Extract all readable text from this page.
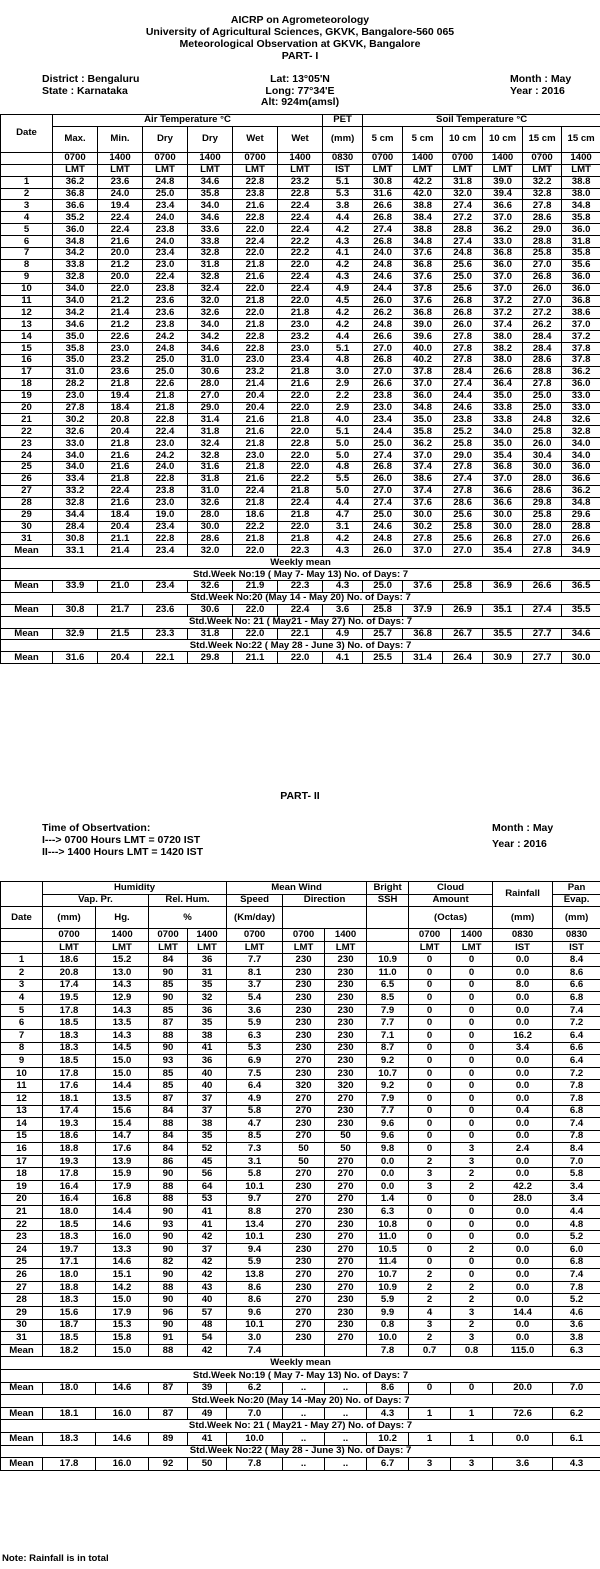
AICRP on Agrometeorology
University of Agricultural Sciences, GKVK, Bangalore-560 065
Meteorological Observation at GKVK, Bangalore
PART- I
District : Bengaluru
State : Karnataka
Lat: 13°05'N
Long: 77°34'E
Alt: 924m(amsl)
Month : May
Year : 2016
Date	Air Temperature °C						PET	Soil Temperature °C					
	Max.	Min.	Dry	Dry	Wet	Wet	(mm)	5 cm	5 cm	10 cm	10 cm	15 cm	15 cm
	0700	1400	0700	1400	0700	1400	0830	0700	1400	0700	1400	0700	1400
	LMT	LMT	LMT	LMT	LMT	LMT	IST	LMT	LMT	LMT	LMT	LMT	LMT
1	36.2	23.6	24.8	34.6	22.8	23.2	5.1	30.8	42.2	31.8	39.0	32.2	38.8
2	36.8	24.0	25.0	35.8	23.8	22.8	5.3	31.6	42.0	32.0	39.4	32.8	38.0
3	36.6	19.4	23.4	34.0	21.6	22.4	3.8	26.6	38.8	27.4	36.6	27.8	34.8
4	35.2	22.4	24.0	34.6	22.8	22.4	4.4	26.8	38.4	27.2	37.0	28.6	35.8
5	36.0	22.4	23.8	33.6	22.0	22.4	4.2	27.4	38.8	28.8	36.2	29.0	36.0
6	34.8	21.6	24.0	33.8	22.4	22.2	4.3	26.8	34.8	27.4	33.0	28.8	31.8
7	34.2	20.0	23.4	32.8	22.0	22.2	4.1	24.0	37.6	24.8	36.8	25.8	35.8
8	33.8	21.2	23.0	31.8	21.8	22.0	4.2	24.8	36.8	25.6	36.0	27.0	35.6
9	32.8	20.0	22.4	32.8	21.6	22.4	4.3	24.6	37.6	25.0	37.0	26.8	36.0
10	34.0	22.0	23.8	32.4	22.0	22.4	4.9	24.4	37.8	25.6	37.0	26.0	36.0
11	34.0	21.2	23.6	32.0	21.8	22.0	4.5	26.0	37.6	26.8	37.2	27.0	36.8
12	34.2	21.4	23.6	32.6	22.0	21.8	4.2	26.2	36.8	26.8	37.2	27.2	38.6
13	34.6	21.2	23.8	34.0	21.8	23.0	4.2	24.8	39.0	26.0	37.4	26.2	37.0
14	35.0	22.6	24.2	34.2	22.8	23.2	4.4	26.6	39.6	27.8	38.0	28.4	37.2
15	35.8	23.0	24.8	34.6	22.8	23.0	5.1	27.0	40.0	27.8	38.2	28.4	37.8
16	35.0	23.2	25.0	31.0	23.0	23.4	4.8	26.8	40.2	27.8	38.0	28.6	37.8
17	31.0	23.6	25.0	30.6	23.2	21.8	3.0	27.0	37.8	28.4	26.6	28.8	36.2
18	28.2	21.8	22.6	28.0	21.4	21.6	2.9	26.6	37.0	27.4	36.4	27.8	36.0
19	23.0	19.4	21.8	27.0	20.4	22.0	2.2	23.8	36.0	24.4	35.0	25.0	33.0
20	27.8	18.4	21.8	29.0	20.4	22.0	2.9	23.0	34.8	24.6	33.8	25.0	33.0
21	30.2	20.8	22.8	31.4	21.6	21.8	4.0	23.4	35.0	23.8	33.8	24.8	32.6
22	32.6	20.4	22.4	31.8	21.6	22.0	5.1	24.4	35.8	25.2	34.0	25.8	32.8
23	33.0	21.8	23.0	32.4	21.8	22.8	5.0	25.0	36.2	25.8	35.0	26.0	34.0
24	34.0	21.6	24.2	32.8	23.0	22.0	5.0	27.4	37.0	29.0	35.4	30.4	34.0
25	34.0	21.6	24.0	31.6	21.8	22.0	4.8	26.8	37.4	27.8	36.8	30.0	36.0
26	33.4	21.8	22.8	31.8	21.6	22.2	5.5	26.0	38.6	27.4	37.0	28.0	36.6
27	33.2	22.4	23.8	31.0	22.4	21.8	5.0	27.0	37.4	27.8	36.6	28.6	36.2
28	32.8	21.6	23.0	32.6	21.8	22.4	4.4	27.4	37.6	28.6	36.6	29.8	34.8
29	34.4	18.4	19.0	28.0	18.6	21.8	4.7	25.0	30.0	25.6	30.0	25.8	29.6
30	28.4	20.4	23.4	30.0	22.2	22.0	3.1	24.6	30.2	25.8	30.0	28.0	28.8
31	30.8	21.1	22.8	28.6	21.8	21.8	4.2	24.8	27.8	25.6	26.8	27.0	26.6
Mean	33.1	21.4	23.4	32.0	22.0	22.3	4.3	26.0	37.0	27.0	35.4	27.8	34.9
Weekly mean													
Std.Week No:19 ( May 7- May 13) No. of Days: 7													
Mean	33.9	21.0	23.4	32.6	21.9	22.3	4.3	25.0	37.6	25.8	36.9	26.6	36.5
Std.Week No:20 (May 14 - May 20) No. of Days: 7													
Mean	30.8	21.7	23.6	30.6	22.0	22.4	3.6	25.8	37.9	26.9	35.1	27.4	35.5
Std.Week No: 21 ( May21 - May 27) No. of Days: 7													
Mean	32.9	21.5	23.3	31.8	22.0	22.1	4.9	25.7	36.8	26.7	35.5	27.7	34.6
Std.Week No:22 ( May 28 - June 3) No. of Days: 7													
Mean	31.6	20.4	22.1	29.8	21.1	22.0	4.1	25.5	31.4	26.4	30.9	27.7	30.0
PART- II
Time of Obsertvation:
I---> 0700 Hours LMT = 0720 IST
II---> 1400 Hours LMT = 1420 IST
Month : May
Year : 2016
	Humidity				Mean Wind			Bright	Cloud		Rainfall	Pan
	Vap. Pr.		Rel. Hum.		Speed	Direction		SSH	Amount			Evap.
Date	(mm)	Hg.	%		(Km/day)				(Octas)		(mm)	(mm)
	0700	1400	0700	1400	0700	0700	1400		0700	1400	0830	0830
	LMT	LMT	LMT	LMT	LMT	LMT	LMT		LMT	LMT	IST	IST
1	18.6	15.2	84	36	7.7	230	230	10.9	0	0	0.0	8.4
2	20.8	13.0	90	31	8.1	230	230	11.0	0	0	0.0	8.6
3	17.4	14.3	85	35	3.7	230	230	6.5	0	0	8.0	6.6
4	19.5	12.9	90	32	5.4	230	230	8.5	0	0	0.0	6.8
5	17.8	14.3	85	36	3.6	230	230	7.9	0	0	0.0	7.4
6	18.5	13.5	87	35	5.9	230	230	7.7	0	0	0.0	7.2
7	18.3	14.3	88	38	6.3	230	230	7.1	0	0	16.2	6.4
8	18.3	14.5	90	41	5.3	230	230	8.7	0	0	3.4	6.6
9	18.5	15.0	93	36	6.9	270	230	9.2	0	0	0.0	6.4
10	17.8	15.0	85	40	7.5	230	230	10.7	0	0	0.0	7.2
11	17.6	14.4	85	40	6.4	320	320	9.2	0	0	0.0	7.8
12	18.1	13.5	87	37	4.9	270	270	7.9	0	0	0.0	7.8
13	17.4	15.6	84	37	5.8	270	230	7.7	0	0	0.4	6.8
14	19.3	15.4	88	38	4.7	230	230	9.6	0	0	0.0	7.4
15	18.6	14.7	84	35	8.5	270	50	9.6	0	0	0.0	7.8
16	18.8	17.6	84	52	7.3	50	50	9.8	0	3	2.4	8.4
17	19.3	13.9	86	45	3.1	50	270	0.0	2	3	0.0	7.0
18	17.8	15.9	90	56	5.8	270	270	0.0	3	2	0.0	5.8
19	16.4	17.9	88	64	10.1	230	270	0.0	3	2	42.2	3.4
20	16.4	16.8	88	53	9.7	270	270	1.4	0	0	28.0	3.4
21	18.0	14.4	90	41	8.8	270	230	6.3	0	0	0.0	4.4
22	18.5	14.6	93	41	13.4	270	230	10.8	0	0	0.0	4.8
23	18.3	16.0	90	42	10.1	230	270	11.0	0	0	0.0	5.2
24	19.7	13.3	90	37	9.4	230	270	10.5	0	2	0.0	6.0
25	17.1	14.6	82	42	5.9	230	270	11.4	0	0	0.0	6.8
26	18.0	15.1	90	42	13.8	270	270	10.7	2	0	0.0	7.4
27	18.8	14.2	88	43	8.6	230	270	10.9	2	2	0.0	7.8
28	18.3	15.0	90	40	8.6	270	230	5.9	2	2	0.0	5.2
29	15.6	17.9	96	57	9.6	270	230	9.9	4	3	14.4	4.6
30	18.7	15.3	90	48	10.1	270	230	0.8	3	2	0.0	3.6
31	18.5	15.8	91	54	3.0	230	270	10.0	2	3	0.0	3.8
Mean	18.2	15.0	88	42	7.4			7.8	0.7	0.8	115.0	6.3
Weekly mean												
Std.Week No:19 ( May 7- May 13) No. of Days: 7												
Mean	18.0	14.6	87	39	6.2	..	..	8.6	0	0	20.0	7.0
Std.Week No:20 (May 14 -May 20) No. of Days: 7												
Mean	18.1	16.0	87	49	7.0	..	..	4.3	1	1	72.6	6.2
Std.Week No: 21 ( May21 - May 27) No. of Days: 7												
Mean	18.3	14.6	89	41	10.0	..	..	10.2	1	1	0.0	6.1
Std.Week No:22 ( May 28 - June 3) No. of Days: 7												
Mean	17.8	16.0	92	50	7.8	..	..	6.7	3	3	3.6	4.3
Note: Rainfall is in total
